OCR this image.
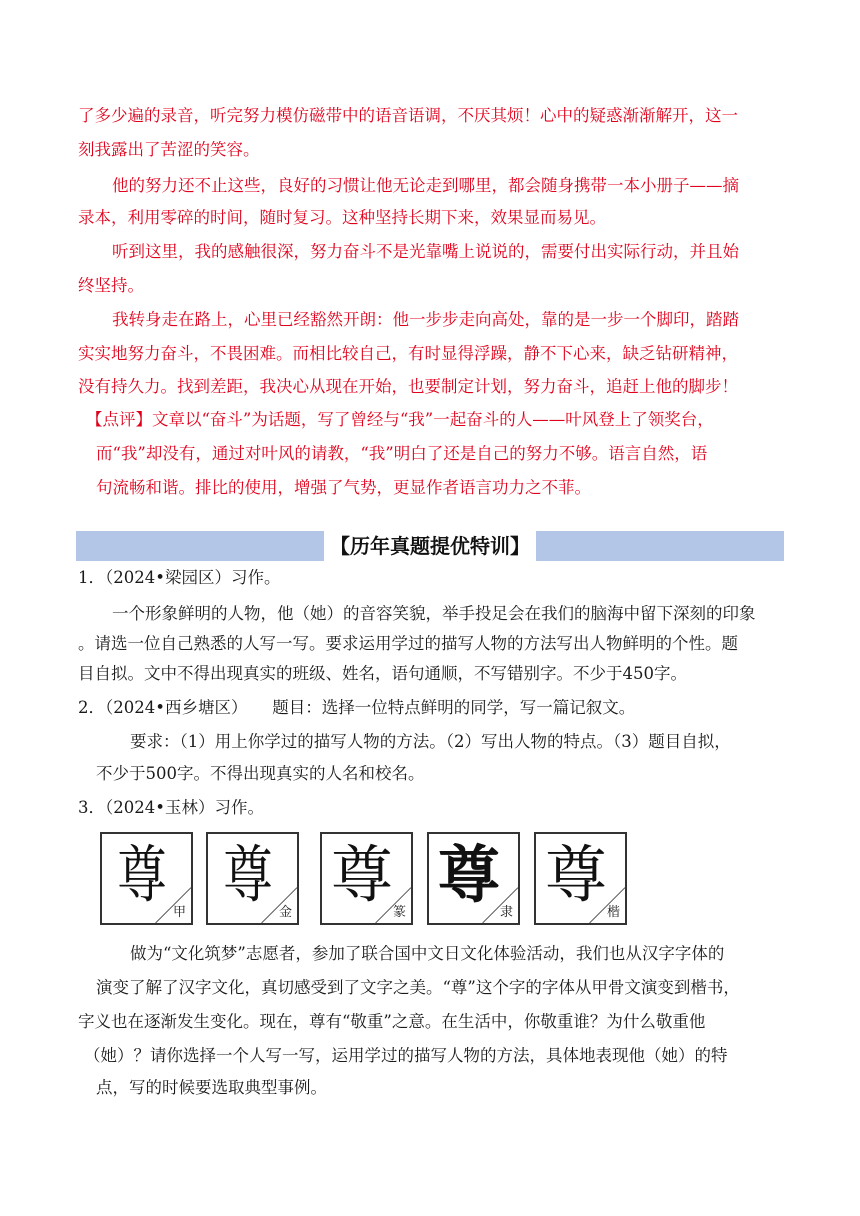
了多少遍的录音，听完努力模仿磁带中的语音语调，不厌其烦！心中的疑惑渐渐解开，这一
刻我露出了苦涩的笑容。
他的努力还不止这些，良好的习惯让他无论走到哪里，都会随身携带一本小册子——摘
录本，利用零碎的时间，随时复习。这种坚持长期下来，效果显而易见。
听到这里，我的感触很深，努力奋斗不是光靠嘴上说说的，需要付出实际行动，并且始
终坚持。
我转身走在路上，心里已经豁然开朗：他一步步走向高处，靠的是一步一个脚印，踏踏
实实地努力奋斗，不畏困难。而相比较自己，有时显得浮躁，静不下心来，缺乏钻研精神，
没有持久力。找到差距，我决心从现在开始，也要制定计划，努力奋斗，追赶上他的脚步！
【点评】文章以“奋斗”为话题，写了曾经与“我”一起奋斗的人——叶风登上了领奖台，
而“我”却没有，通过对叶风的请教，“我”明白了还是自己的努力不够。语言自然，语
句流畅和谐。排比的使用，增强了气势，更显作者语言功力之不菲。
【历年真题提优特训】
1．（2024•梁园区）习作。
一个形象鲜明的人物，他（她）的音容笑貌，举手投足会在我们的脑海中留下深刻的印象
。请选一位自己熟悉的人写一写。要求运用学过的描写人物的方法写出人物鲜明的个性。题
目自拟。文中不得出现真实的班级、姓名，语句通顺，不写错别字。不少于450字。
2．（2024•西乡塘区）　　题目：选择一位特点鲜明的同学，写一篇记叙文。
要求：（1）用上你学过的描写人物的方法。（2）写出人物的特点。（3）题目自拟，
不少于500字。不得出现真实的人名和校名。
3．（2024•玉林）习作。
尊
甲
尊
金
尊
篆
尊
隶
尊
楷
做为“文化筑梦”志愿者，参加了联合国中文日文化体验活动，我们也从汉字字体的
演变了解了汉字文化，真切感受到了文字之美。“尊”这个字的字体从甲骨文演变到楷书，
字义也在逐渐发生变化。现在，尊有“敬重”之意。在生活中，你敬重谁？为什么敬重他
（她）？请你选择一个人写一写，运用学过的描写人物的方法，具体地表现他（她）的特
点，写的时候要选取典型事例。
